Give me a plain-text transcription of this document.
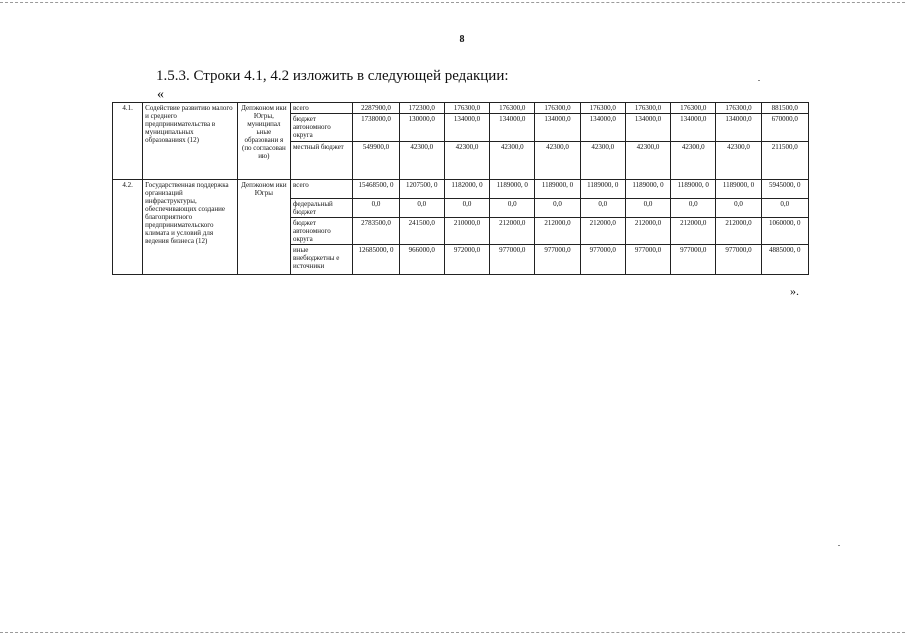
8
1.5.3. Строки 4.1, 4.2 изложить в следующей редакции:
«
4.1.	Содействие развитию малого и среднего предпринимательства в муниципальных образованиях (12)	Депэконом ики Югры, муниципал ьные образовани я (по согласован ию)	всего	2287900,0	172300,0	176300,0	176300,0	176300,0	176300,0	176300,0	176300,0	176300,0	881500,0
			бюджет автономного округа	1738000,0	130000,0	134000,0	134000,0	134000,0	134000,0	134000,0	134000,0	134000,0	670000,0
			местный бюджет	549900,0	42300,0	42300,0	42300,0	42300,0	42300,0	42300,0	42300,0	42300,0	211500,0
4.2.	Государственная поддержка организаций инфраструктуры, обеспечивающих создание благоприятного предпринимательского климата и условий для ведения бизнеса (12)	Депэконом ики Югры	всего	15468500, 0	1207500, 0	1182000, 0	1189000, 0	1189000, 0	1189000, 0	1189000, 0	1189000, 0	1189000, 0	5945000, 0
			федеральный бюджет	0,0	0,0	0,0	0,0	0,0	0,0	0,0	0,0	0,0	0,0
			бюджет автономного округа	2783500,0	241500,0	210000,0	212000,0	212000,0	212000,0	212000,0	212000,0	212000,0	1060000, 0
			иные внебюджетны е источники	12685000, 0	966000,0	972000,0	977000,0	977000,0	977000,0	977000,0	977000,0	977000,0	4885000, 0
».
